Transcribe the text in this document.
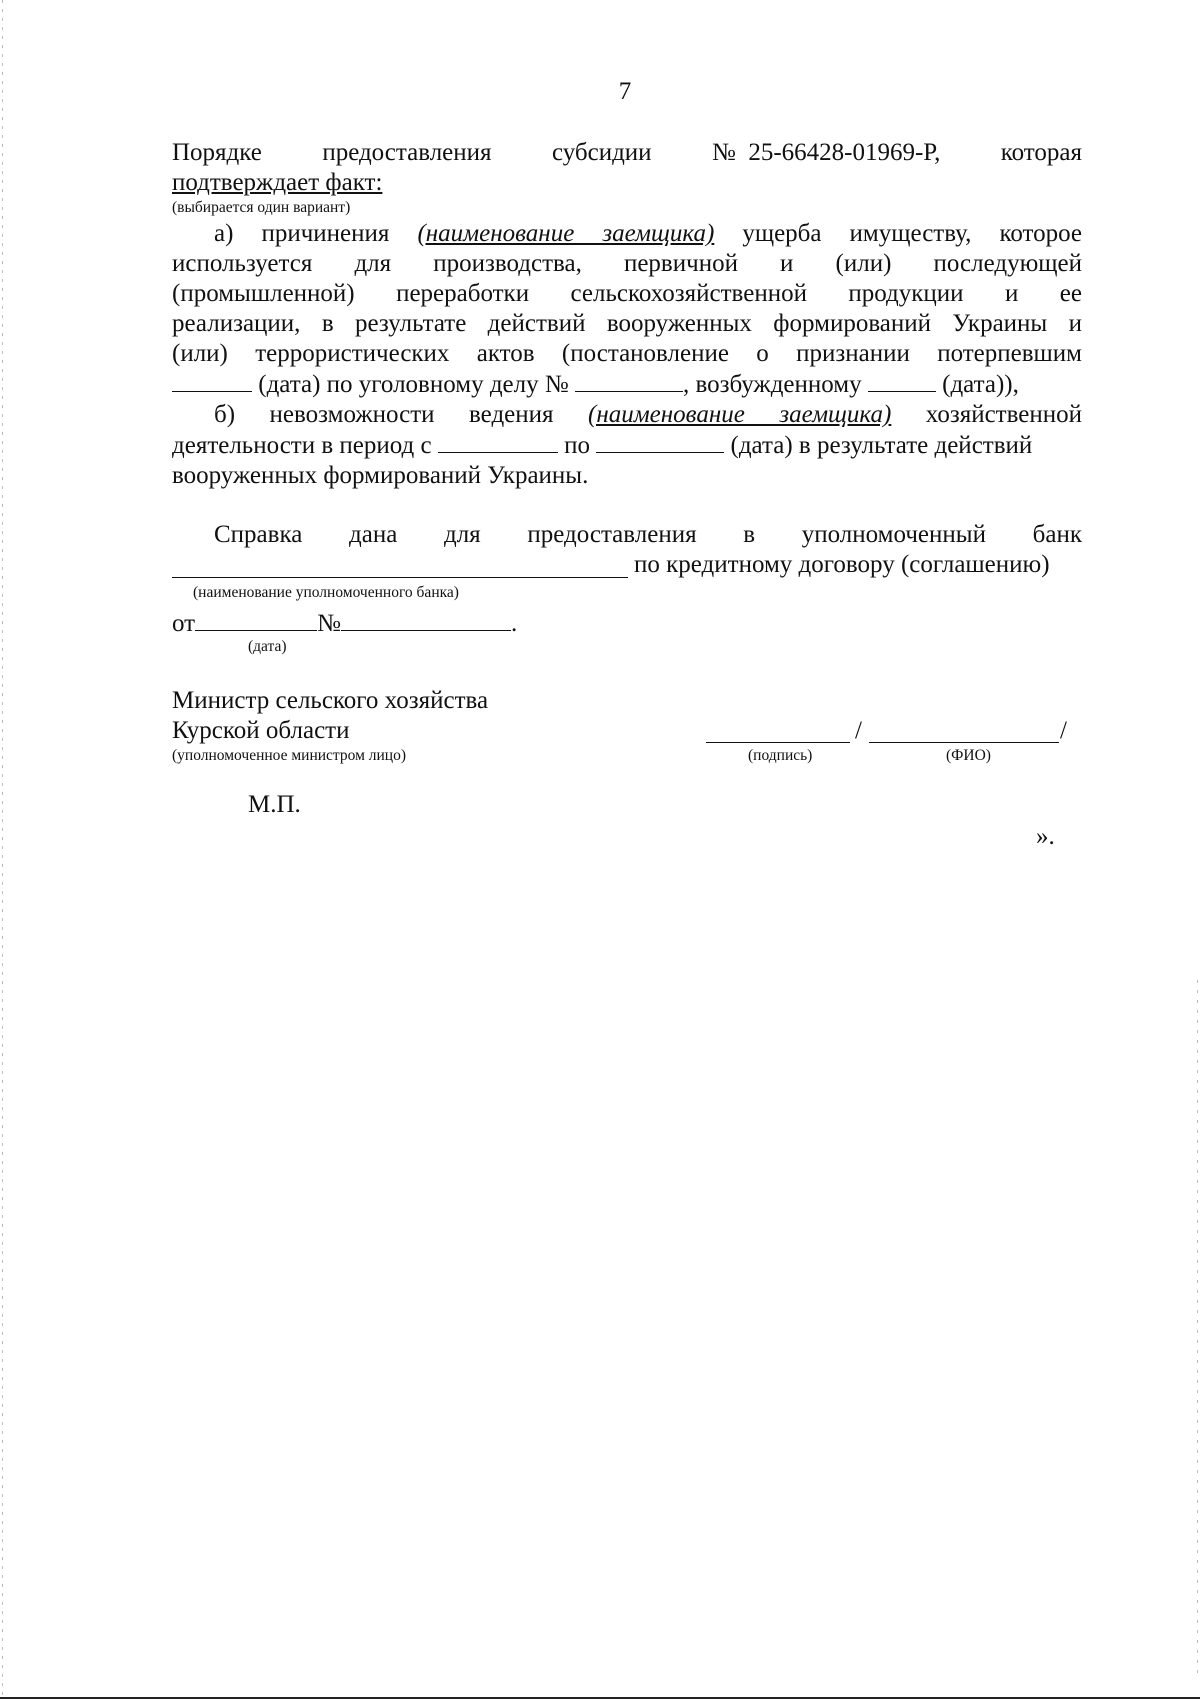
7
Порядке предоставления субсидии № 25-66428-01969-Р, которая
подтверждает факт:
(выбирается один вариант)
а) причинения (наименование заемщика) ущерба имуществу, которое
используется для производства, первичной и (или) последующей
(промышленной) переработки сельскохозяйственной продукции и ее
реализации, в результате действий вооруженных формирований Украины и
(или) террористических актов (постановление о признании потерпевшим
(дата) по уголовному делу №	, возбужденному	(дата)),
б) невозможности ведения (наименование заемщика) хозяйственной
деятельности в период с	по	(дата) в результате действий
вооруженных формирований Украины.
Справка дана для предоставления в уполномоченный банк
по кредитному договору (соглашению)
(наименование уполномоченного банка)
от	№	.
(дата)
Министр сельского хозяйства
Курской области
(уполномоченное министром лицо)
/	/
(подпись)	(ФИО)
М.П.
».
